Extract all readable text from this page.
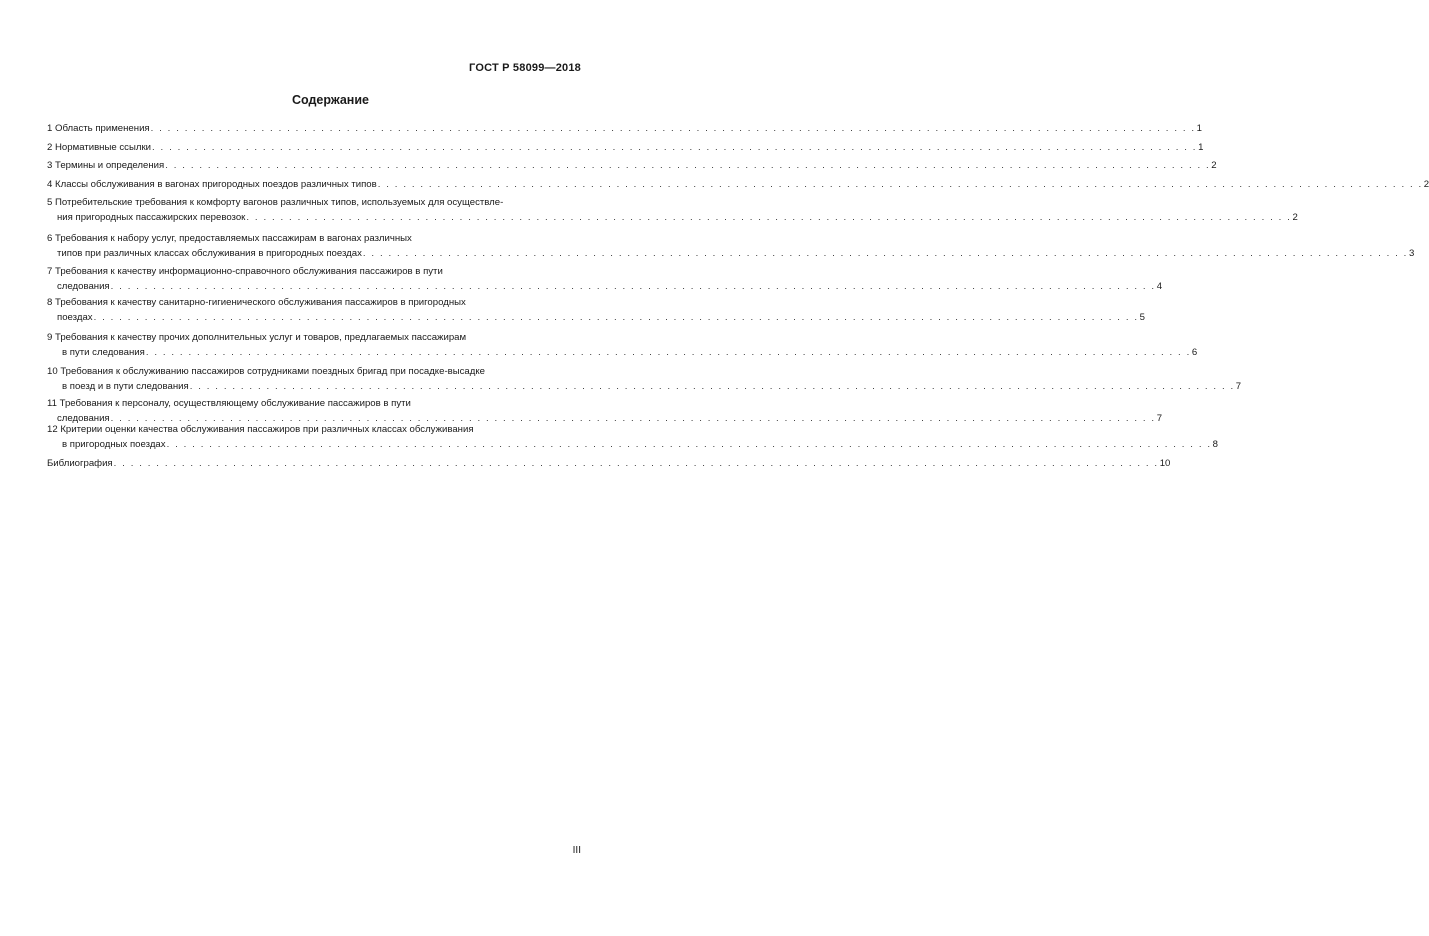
ГОСТ Р 58099—2018
Содержание
1 Область применения . . . . . . . . . . . . . . . . . . . . . . . . . . . . . . . . . . . . . . . . . . . . . . . . . . . . . . . . . . . . . . . . . . . . . . . . . . . . . . . . . . . . . . . . . . . . . . . . . . . . . . . . . . . . . . . . . . . . . . . . . . . 1
2 Нормативные ссылки . . . . . . . . . . . . . . . . . . . . . . . . . . . . . . . . . . . . . . . . . . . . . . . . . . . . . . . . . . . . . . . . . . . . . . . . . . . . . . . . . . . . . . . . . . . . . . . . . . . . . . . . . . . . . . . . . . . . . . . . . . . 1
3 Термины и определения . . . . . . . . . . . . . . . . . . . . . . . . . . . . . . . . . . . . . . . . . . . . . . . . . . . . . . . . . . . . . . . . . . . . . . . . . . . . . . . . . . . . . . . . . . . . . . . . . . . . . . . . . . . . . . . . . . . . . . . . . . . 2
4 Классы обслуживания в вагонах пригородных поездов различных типов . . . . . . . . . . . . . . . . . . . . . . . . . . . . . . . . . . . . . . . . . . . . . . . . . . . . . . . . . . . . . . . . . . . . . . . . . . . . . . . . . . . . . . . . . . . . . . . . . . . . . . . . . . . . . . . . . . . . . . . . . . . 2
5 Потребительские требования к комфорту вагонов различных типов, используемых для осуществле-
ния пригородных пассажирских перевозок . . . . . . . . . . . . . . . . . . . . . . . . . . . . . . . . . . . . . . . . . . . . . . . . . . . . . . . . . . . . . . . . . . . . . . . . . . . . . . . . . . . . . . . . . . . . . . . . . . . . . . . . . . . . . . . . . . . . . . . . . . . 2
6 Требования к набору услуг, предоставляемых пассажирам в вагонах различных
типов при различных классах обслуживания в пригородных поездах . . . . . . . . . . . . . . . . . . . . . . . . . . . . . . . . . . . . . . . . . . . . . . . . . . . . . . . . . . . . . . . . . . . . . . . . . . . . . . . . . . . . . . . . . . . . . . . . . . . . . . . . . . . . . . . . . . . . . . . . . . . 3
7 Требования к качеству информационно-справочного обслуживания пассажиров в пути
следования . . . . . . . . . . . . . . . . . . . . . . . . . . . . . . . . . . . . . . . . . . . . . . . . . . . . . . . . . . . . . . . . . . . . . . . . . . . . . . . . . . . . . . . . . . . . . . . . . . . . . . . . . . . . . . . . . . . . . . . . . . . 4
8 Требования к качеству санитарно-гигиенического обслуживания пассажиров в пригородных
поездах . . . . . . . . . . . . . . . . . . . . . . . . . . . . . . . . . . . . . . . . . . . . . . . . . . . . . . . . . . . . . . . . . . . . . . . . . . . . . . . . . . . . . . . . . . . . . . . . . . . . . . . . . . . . . . . . . . . . . . . . . . . 5
9 Требования к качеству прочих дополнительных услуг и товаров, предлагаемых пассажирам
в пути следования . . . . . . . . . . . . . . . . . . . . . . . . . . . . . . . . . . . . . . . . . . . . . . . . . . . . . . . . . . . . . . . . . . . . . . . . . . . . . . . . . . . . . . . . . . . . . . . . . . . . . . . . . . . . . . . . . . . . . . . . . . . 6
10 Требования к обслуживанию пассажиров сотрудниками поездных бригад при посадке-высадке
в поезд и в пути следования . . . . . . . . . . . . . . . . . . . . . . . . . . . . . . . . . . . . . . . . . . . . . . . . . . . . . . . . . . . . . . . . . . . . . . . . . . . . . . . . . . . . . . . . . . . . . . . . . . . . . . . . . . . . . . . . . . . . . . . . . . . 7
11 Требования к персоналу, осуществляющему обслуживание пассажиров в пути
следования . . . . . . . . . . . . . . . . . . . . . . . . . . . . . . . . . . . . . . . . . . . . . . . . . . . . . . . . . . . . . . . . . . . . . . . . . . . . . . . . . . . . . . . . . . . . . . . . . . . . . . . . . . . . . . . . . . . . . . . . . . . 7
12 Критерии оценки качества обслуживания пассажиров при различных классах обслуживания
в пригородных поездах . . . . . . . . . . . . . . . . . . . . . . . . . . . . . . . . . . . . . . . . . . . . . . . . . . . . . . . . . . . . . . . . . . . . . . . . . . . . . . . . . . . . . . . . . . . . . . . . . . . . . . . . . . . . . . . . . . . . . . . . . . . 8
Библиография . . . . . . . . . . . . . . . . . . . . . . . . . . . . . . . . . . . . . . . . . . . . . . . . . . . . . . . . . . . . . . . . . . . . . . . . . . . . . . . . . . . . . . . . . . . . . . . . . . . . . . . . . . . . . . . . . . . . . . . . . . . 10
III
